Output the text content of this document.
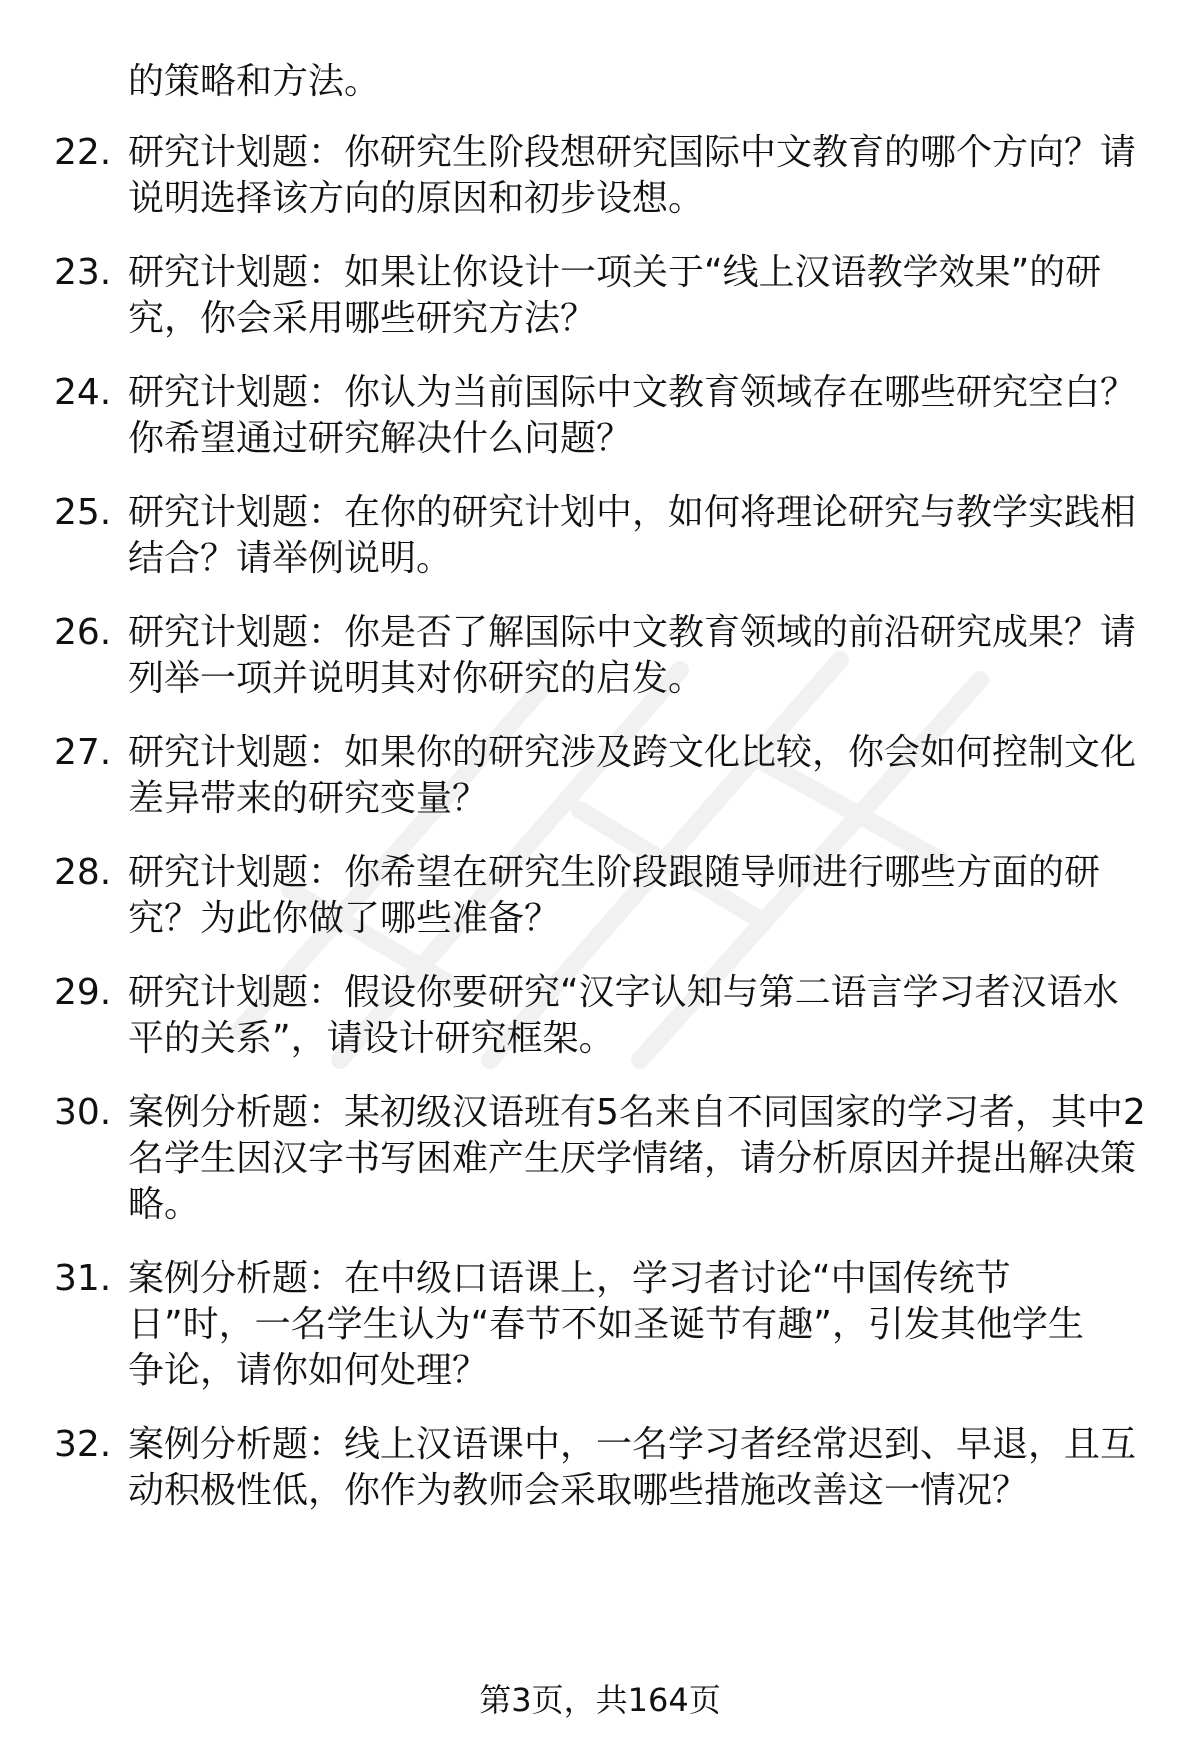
的策略和方法。
22. 研究计划题：你研究生阶段想研究国际中文教育的哪个方向？请
说明选择该方向的原因和初步设想。
23. 研究计划题：如果让你设计一项关于“线上汉语教学效果”的研
究，你会采用哪些研究方法？
24. 研究计划题：你认为当前国际中文教育领域存在哪些研究空白？
你希望通过研究解决什么问题？
25. 研究计划题：在你的研究计划中，如何将理论研究与教学实践相
结合？请举例说明。
26. 研究计划题：你是否了解国际中文教育领域的前沿研究成果？请
列举一项并说明其对你研究的启发。
27. 研究计划题：如果你的研究涉及跨文化比较，你会如何控制文化
差异带来的研究变量？
28. 研究计划题：你希望在研究生阶段跟随导师进行哪些方面的研
究？为此你做了哪些准备？
29. 研究计划题：假设你要研究“汉字认知与第二语言学习者汉语水
平的关系”，请设计研究框架。
30. 案例分析题：某初级汉语班有5名来自不同国家的学习者，其中2
名学生因汉字书写困难产生厌学情绪，请分析原因并提出解决策
略。
31. 案例分析题：在中级口语课上，学习者讨论“中国传统节
日”时，一名学生认为“春节不如圣诞节有趣”，引发其他学生
争论，请你如何处理？
32. 案例分析题：线上汉语课中，一名学习者经常迟到、早退，且互
动积极性低，你作为教师会采取哪些措施改善这一情况？
第3页，共164页
